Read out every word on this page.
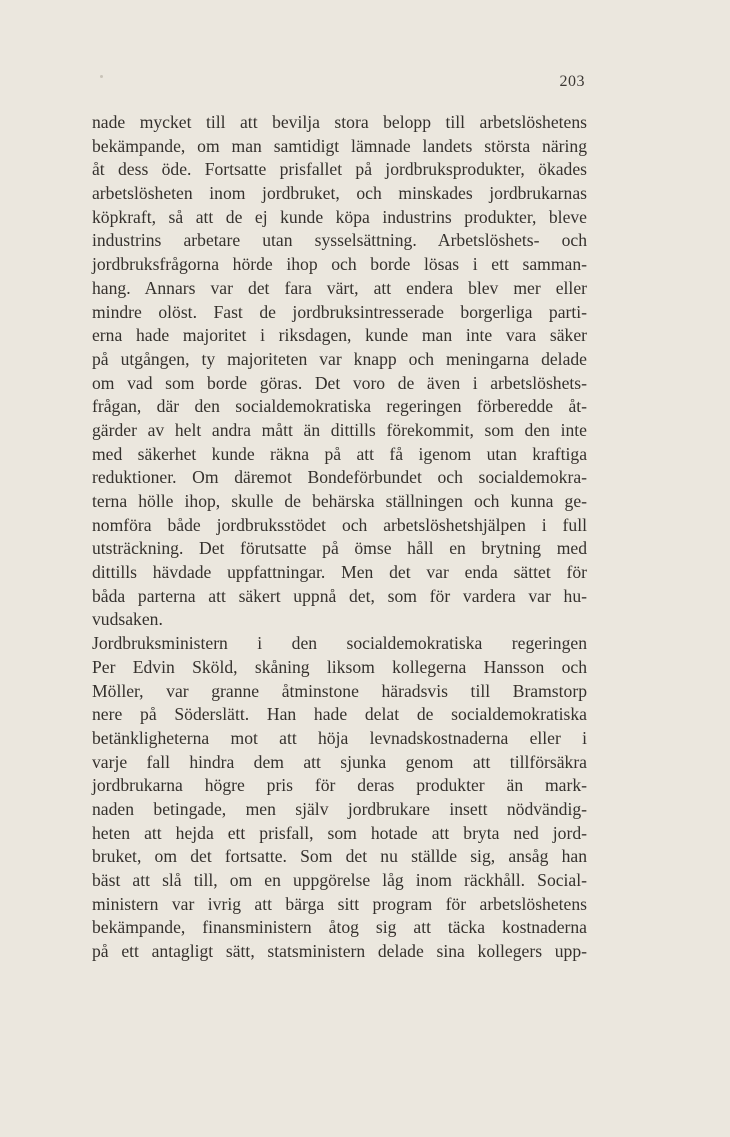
203
nade mycket till att bevilja stora belopp till arbetslöshetens
bekämpande, om man samtidigt lämnade landets största näring
åt dess öde. Fortsatte prisfallet på jordbruksprodukter, ökades
arbetslösheten inom jordbruket, och minskades jordbrukarnas
köpkraft, så att de ej kunde köpa industrins produkter, bleve
industrins arbetare utan sysselsättning. Arbetslöshets- och
jordbruksfrågorna hörde ihop och borde lösas i ett samman-
hang. Annars var det fara värt, att endera blev mer eller
mindre olöst. Fast de jordbruksintresserade borgerliga parti-
erna hade majoritet i riksdagen, kunde man inte vara säker
på utgången, ty majoriteten var knapp och meningarna delade
om vad som borde göras. Det voro de även i arbetslöshets-
frågan, där den socialdemokratiska regeringen förberedde åt-
gärder av helt andra mått än dittills förekommit, som den inte
med säkerhet kunde räkna på att få igenom utan kraftiga
reduktioner. Om däremot Bondeförbundet och socialdemokra-
terna hölle ihop, skulle de behärska ställningen och kunna ge-
nomföra både jordbruksstödet och arbetslöshetshjälpen i full
utsträckning. Det förutsatte på ömse håll en brytning med
dittills hävdade uppfattningar. Men det var enda sättet för
båda parterna att säkert uppnå det, som för vardera var hu-
vudsaken.
Jordbruksministern i den socialdemokratiska regeringen
Per Edvin Sköld, skåning liksom kollegerna Hansson och
Möller, var granne åtminstone häradsvis till Bramstorp
nere på Söderslätt. Han hade delat de socialdemokratiska
betänkligheterna mot att höja levnadskostnaderna eller i
varje fall hindra dem att sjunka genom att tillförsäkra
jordbrukarna högre pris för deras produkter än mark-
naden betingade, men själv jordbrukare insett nödvändig-
heten att hejda ett prisfall, som hotade att bryta ned jord-
bruket, om det fortsatte. Som det nu ställde sig, ansåg han
bäst att slå till, om en uppgörelse låg inom räckhåll. Social-
ministern var ivrig att bärga sitt program för arbetslöshetens
bekämpande, finansministern åtog sig att täcka kostnaderna
på ett antagligt sätt, statsministern delade sina kollegers upp-
